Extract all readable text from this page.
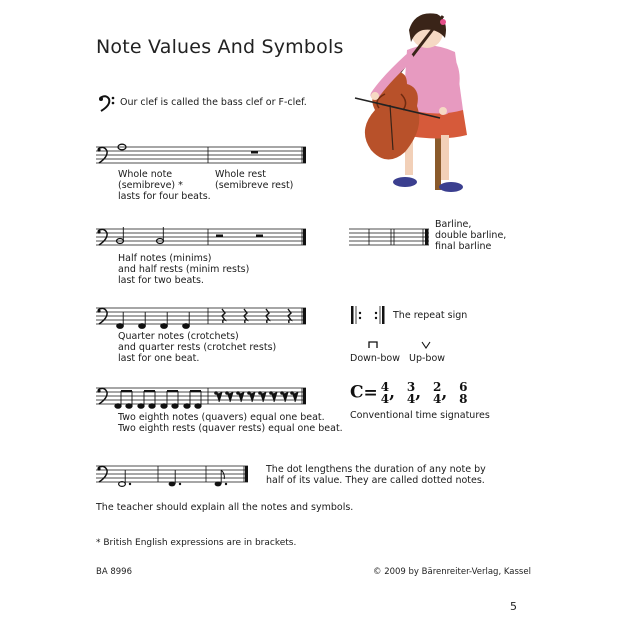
Note Values And Symbols
Our clef is called the bass clef or F-clef.
Whole note
(semibreve) *
lasts for four beats.
Whole rest
(semibreve rest)
Half notes (minims)
and half rests (minim rests)
last for two beats.
Barline,
double barline,
final barline
Quarter notes (crotchets)
and quarter rests (crotchet rests)
last for one beat.
The repeat sign
Down-bow Up-bow
Two eighth notes (quavers) equal one beat.
Two eighth rests (quaver rests) equal one beat.
C= 4
4 , 3
4 , 2
4 , 6
8
Conventional time signatures
The dot lengthens the duration of any note by
half of its value. They are called dotted notes.
The teacher should explain all the notes and symbols.
* British English expressions are in brackets.
BA 8996	© 2009 by Bärenreiter-Verlag, Kassel
5
